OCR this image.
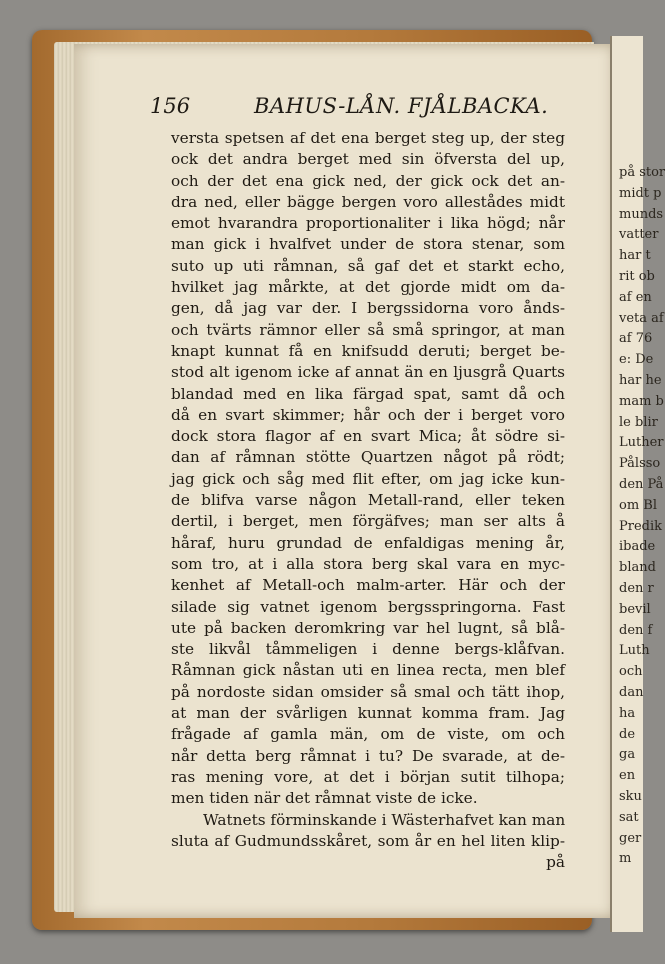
156	BAHUS-LÅN. FJÅLBACKA.
versta spetsen af det ena berget steg up, der steg
ock det andra berget med sin öfversta del up,
och der det ena gick ned, der gick ock det an-
dra ned, eller bägge bergen voro allestådes midt
emot hvarandra proportionaliter i lika högd; når
man gick i hvalfvet under de stora stenar, som
suto up uti råmnan, så gaf det et starkt echo,
hvilket jag mårkte, at det gjorde midt om da-
gen, då jag var der. I bergssidorna voro ånds-
och tvärts rämnor eller så små springor, at man
knapt kunnat få en knifsudd deruti; berget be-
stod alt igenom icke af annat än en ljusgrå Quarts
blandad med en lika färgad spat, samt då och
då en svart skimmer; hår och der i berget voro
dock stora flagor af en svart Mica; åt södre si-
dan af råmnan stötte Quartzen något på rödt;
jag gick och såg med flit efter, om jag icke kun-
de blifva varse någon Metall-rand, eller teken
dertil, i berget, men förgäfves; man ser alts å
håraf, huru grundad de enfaldigas mening år,
som tro, at i alla stora berg skal vara en myc-
kenhet af Metall-och malm-arter. Här och der
silade sig vatnet igenom bergsspringorna. Fast
ute på backen deromkring var hel lugnt, så blå-
ste likvål tåmmeligen i denne bergs-klåfvan.
Råmnan gick nåstan uti en linea recta, men blef
på nordoste sidan omsider så smal och tätt ihop,
at man der svårligen kunnat komma fram. Jag
frågade af gamla män, om de viste, om och
når detta berg råmnat i tu? De svarade, at de-
ras mening vore, at det i början sutit tilhopa;
men tiden när det råmnat viste de icke.
Watnets förminskande i Wästerhafvet kan man
sluta af Gudmundsskåret, som år en hel liten klip-
på
på stor
midt p
munds
vatter
har t
rit ob
af en
veta af
af 76
e: De
har he
mam b
le blir
Luther
Pålsso
den På
om Bl
Predik
ibade
bland
den r
bevil
den f
Luth
och
dan
ha
de
ga
en
sku
sat
ger
m
